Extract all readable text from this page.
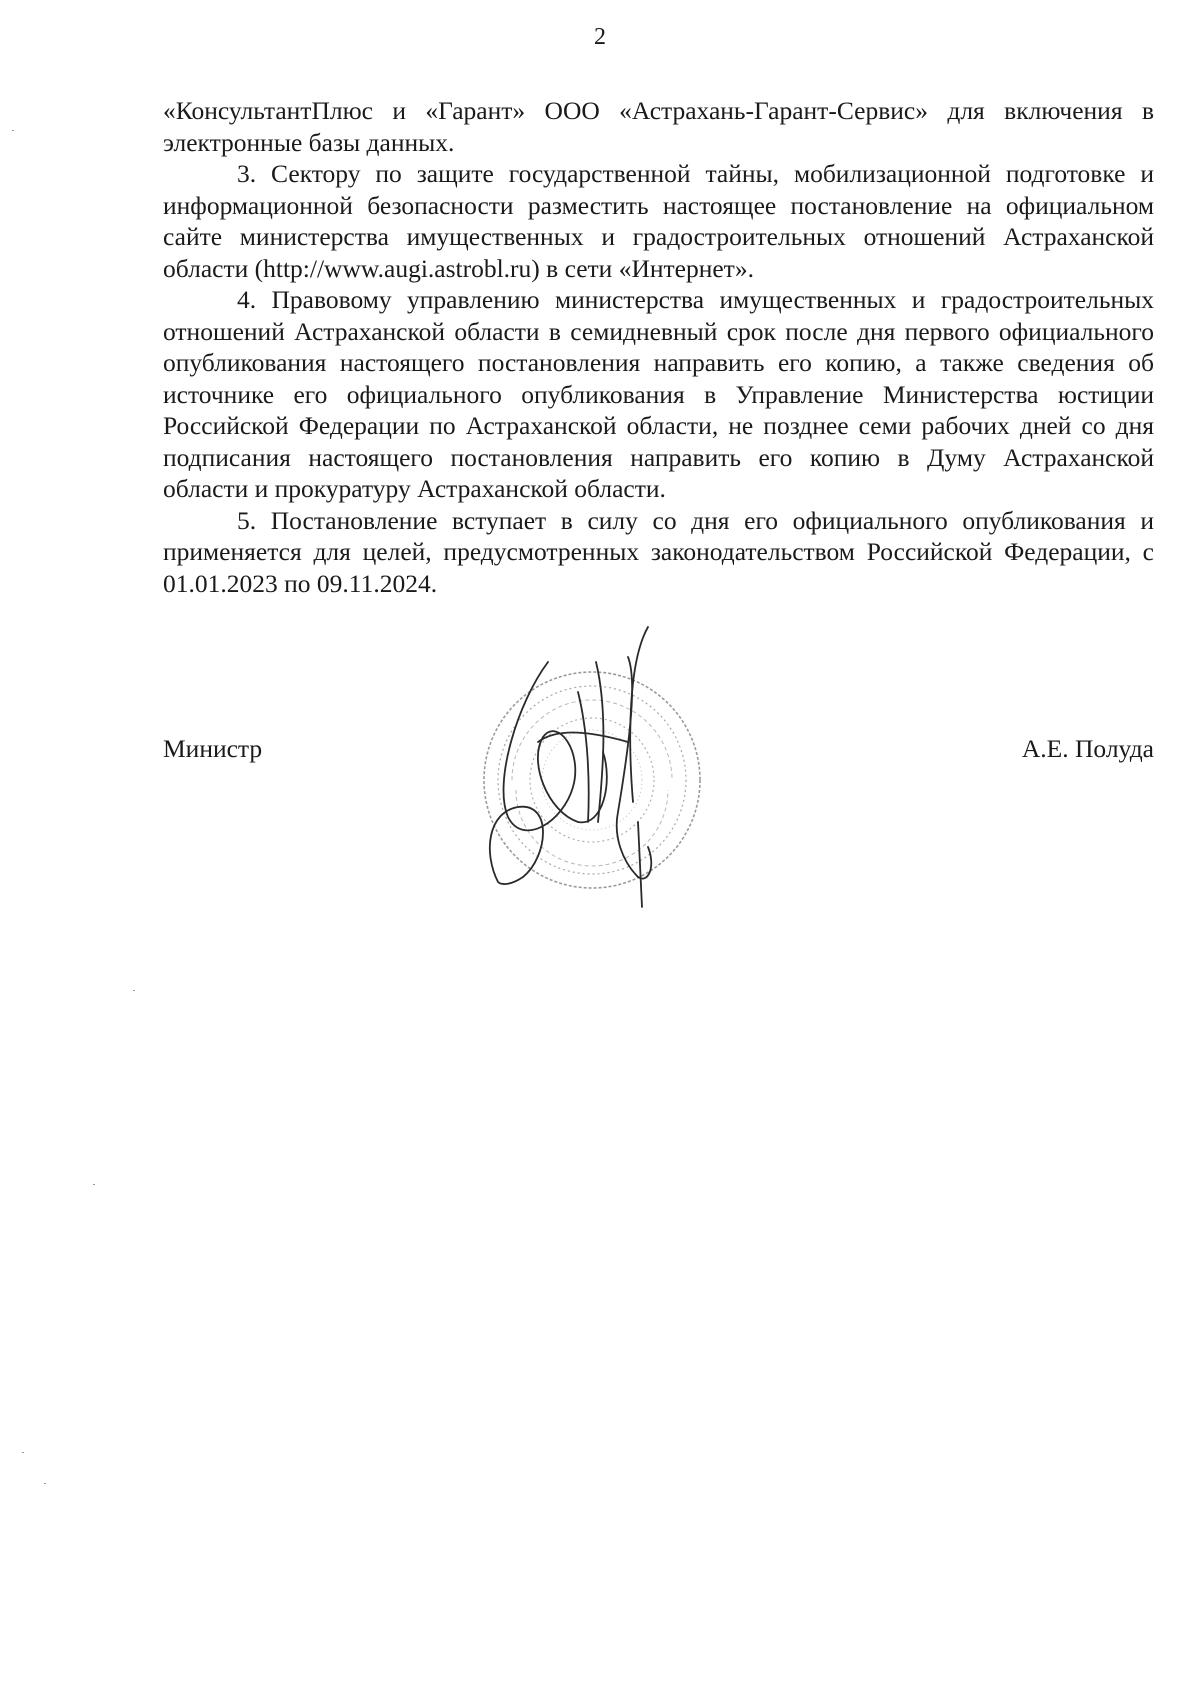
2

«КонсультантПлюс и «Гарант» ООО «Астрахань-Гарант-Сервис» для включения в электронные базы данных.

3. Сектору по защите государственной тайны, мобилизационной подготовке и информационной безопасности разместить настоящее постановление на официальном сайте министерства имущественных и градостроительных отношений Астраханской области (http://www.augi.astrobl.ru) в сети «Интернет».

4. Правовому управлению министерства имущественных и градостроительных отношений Астраханской области в семидневный срок после дня первого официального опубликования настоящего постановления направить его копию, а также сведения об источнике его официального опубликования в Управление Министерства юстиции Российской Федерации по Астраханской области, не позднее семи рабочих дней со дня подписания настоящего постановления направить его копию в Думу Астраханской области и прокуратуру Астраханской области.

5. Постановление вступает в силу со дня его официального опубликования и применяется для целей, предусмотренных законодательством Российской Федерации, с 01.01.2023 по 09.11.2024.

Министр	А.Е. Полуда
